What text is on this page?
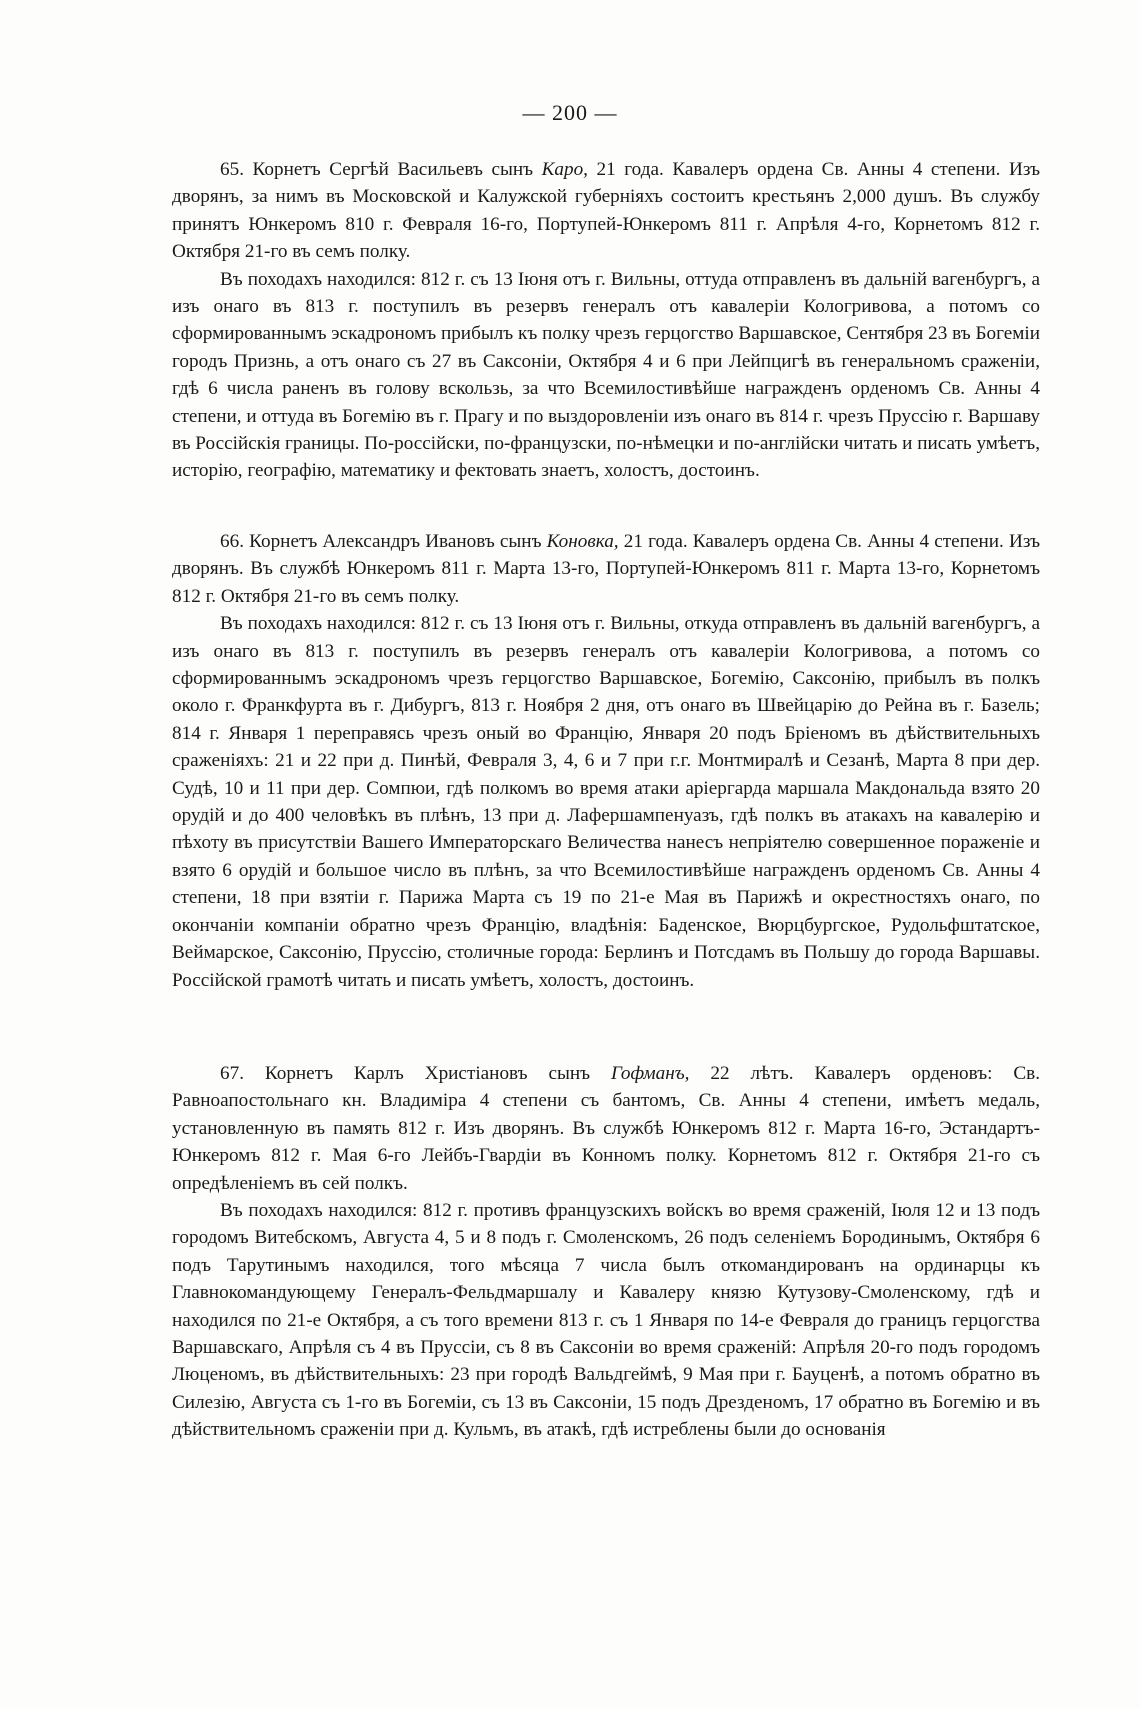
— 200 —

65. Корнетъ Сергѣй Васильевъ сынъ Каро, 21 года. Кавалеръ ордена Св. Анны 4 степени. Изъ дворянъ, за нимъ въ Московской и Калужской губерніяхъ состоитъ крестьянъ 2,000 душъ. Въ службу принятъ Юнкеромъ 810 г. Февраля 16-го, Портупей-Юнкеромъ 811 г. Апрѣля 4-го, Корнетомъ 812 г. Октября 21-го въ семъ полку.

Въ походахъ находился: 812 г. съ 13 Іюня отъ г. Вильны, оттуда отправленъ въ дальній вагенбургъ, а изъ онаго въ 813 г. поступилъ въ резервъ генералъ отъ кавалеріи Кологривова, а потомъ со сформированнымъ эскадрономъ прибылъ къ полку чрезъ герцогство Варшавское, Сентября 23 въ Богеміи городъ Признь, а отъ онаго съ 27 въ Саксоніи, Октября 4 и 6 при Лейпцигѣ въ генеральномъ сраженіи, гдѣ 6 числа раненъ въ голову вскользь, за что Всемилостивѣйше награжденъ орденомъ Св. Анны 4 степени, и оттуда въ Богемію въ г. Прагу и по выздоровленіи изъ онаго въ 814 г. чрезъ Пруссію г. Варшаву въ Россійскія границы. По-россійски, по-французски, по-нѣмецки и по-англійски читать и писать умѣетъ, исторію, географію, математику и фектовать знаетъ, холостъ, достоинъ.

66. Корнетъ Александръ Ивановъ сынъ Коновка, 21 года. Кавалеръ ордена Св. Анны 4 степени. Изъ дворянъ. Въ службѣ Юнкеромъ 811 г. Марта 13-го, Портупей-Юнкеромъ 811 г. Марта 13-го, Корнетомъ 812 г. Октября 21-го въ семъ полку.

Въ походахъ находился: 812 г. съ 13 Іюня отъ г. Вильны, откуда отправленъ въ дальній вагенбургъ, а изъ онаго въ 813 г. поступилъ въ резервъ генералъ отъ кавалеріи Кологривова, а потомъ со сформированнымъ эскадрономъ чрезъ герцогство Варшавское, Богемію, Саксонію, прибылъ въ полкъ около г. Франкфурта въ г. Дибургъ, 813 г. Ноября 2 дня, отъ онаго въ Швейцарію до Рейна въ г. Базель; 814 г. Января 1 переправясь чрезъ оный во Францію, Января 20 подъ Бріеномъ въ дѣйствительныхъ сраженіяхъ: 21 и 22 при д. Пинѣй, Февраля 3, 4, 6 и 7 при г.г. Монтмиралѣ и Сезанѣ, Марта 8 при дер. Судѣ, 10 и 11 при дер. Сомпюи, гдѣ полкомъ во время атаки аріергарда маршала Макдональда взято 20 орудій и до 400 человѣкъ въ плѣнъ, 13 при д. Лафершампенуазъ, гдѣ полкъ въ атакахъ на кавалерію и пѣхоту въ присутствіи Вашего Императорскаго Величества нанесъ непріятелю совершенное пораженіе и взято 6 орудій и большое число въ плѣнъ, за что Всемилостивѣйше награжденъ орденомъ Св. Анны 4 степени, 18 при взятіи г. Парижа Марта съ 19 по 21-е Мая въ Парижѣ и окрестностяхъ онаго, по окончаніи компаніи обратно чрезъ Францію, владѣнія: Баденское, Вюрцбургское, Рудольфштатское, Веймарское, Саксонію, Пруссію, столичные города: Берлинъ и Потсдамъ въ Польшу до города Варшавы. Россійской грамотѣ читать и писать умѣетъ, холостъ, достоинъ.

67. Корнетъ Карлъ Христіановъ сынъ Гофманъ, 22 лѣтъ. Кавалеръ орденовъ: Св. Равноапостольнаго кн. Владиміра 4 степени съ бантомъ, Св. Анны 4 степени, имѣетъ медаль, установленную въ память 812 г. Изъ дворянъ. Въ службѣ Юнкеромъ 812 г. Марта 16-го, Эстандартъ-Юнкеромъ 812 г. Мая 6-го Лейбъ-Гвардіи въ Конномъ полку. Корнетомъ 812 г. Октября 21-го съ опредѣленіемъ въ сей полкъ.

Въ походахъ находился: 812 г. противъ французскихъ войскъ во время сраженій, Іюля 12 и 13 подъ городомъ Витебскомъ, Августа 4, 5 и 8 подъ г. Смоленскомъ, 26 подъ селеніемъ Бородинымъ, Октября 6 подъ Тарутинымъ находился, того мѣсяца 7 числа былъ откомандированъ на ординарцы къ Главнокомандующему Генералъ-Фельдмаршалу и Кавалеру князю Кутузову-Смоленскому, гдѣ и находился по 21-е Октября, а съ того времени 813 г. съ 1 Января по 14-е Февраля до границъ герцогства Варшавскаго, Апрѣля съ 4 въ Пруссіи, съ 8 въ Саксоніи во время сраженій: Апрѣля 20-го подъ городомъ Люценомъ, въ дѣйствительныхъ: 23 при городѣ Вальдгеймѣ, 9 Мая при г. Бауценѣ, а потомъ обратно въ Силезію, Августа съ 1-го въ Богеміи, съ 13 въ Саксоніи, 15 подъ Дрезденомъ, 17 обратно въ Богемію и въ дѣйствительномъ сраженіи при д. Кульмъ, въ атакѣ, гдѣ истреблены были до основанія
